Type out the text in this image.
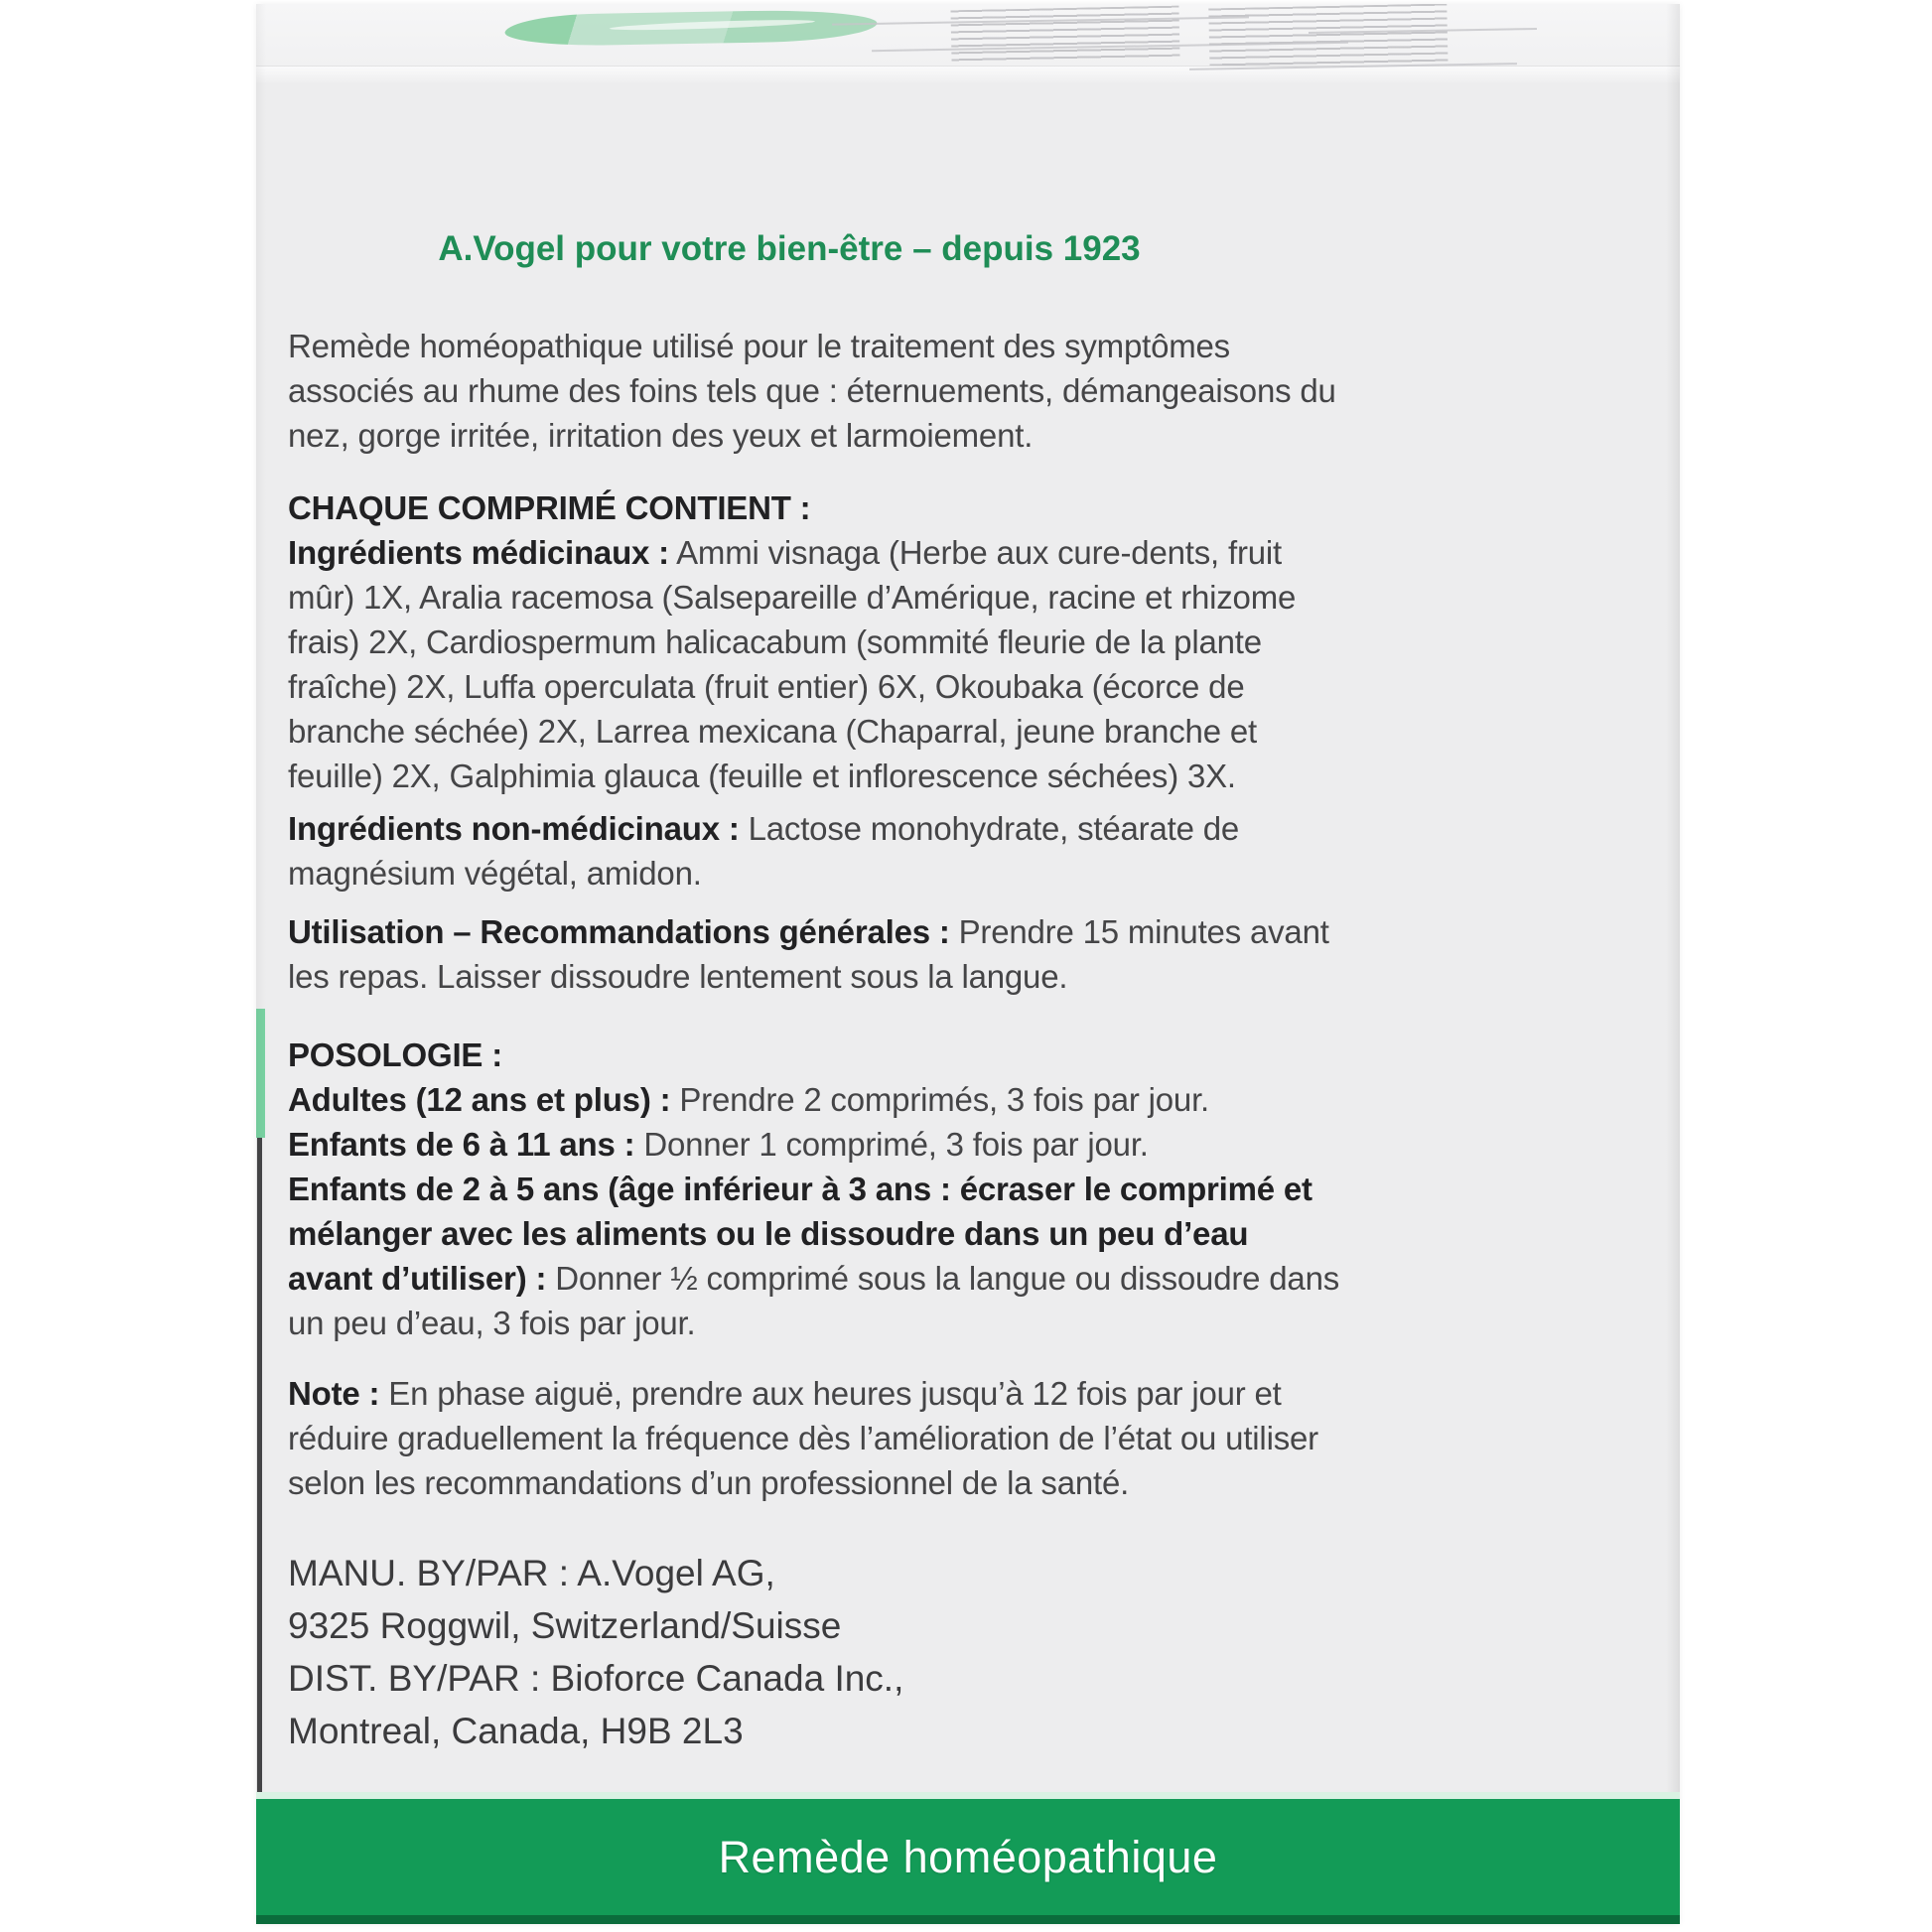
A.Vogel pour votre bien-être – depuis 1923

Remède homéopathique utilisé pour le traitement des symptômes associés au rhume des foins tels que : éternuements, démangeaisons du nez, gorge irritée, irritation des yeux et larmoiement.

CHAQUE COMPRIMÉ CONTIENT :

Ingrédients médicinaux : Ammi visnaga (Herbe aux cure-dents, fruit mûr) 1X, Aralia racemosa (Salsepareille d’Amérique, racine et rhizome frais) 2X, Cardiospermum halicacabum (sommité fleurie de la plante fraîche) 2X, Luffa operculata (fruit entier) 6X, Okoubaka (écorce de branche séchée) 2X, Larrea mexicana (Chaparral, jeune branche et feuille) 2X, Galphimia glauca (feuille et inflorescence séchées) 3X.

Ingrédients non-médicinaux : Lactose monohydrate, stéarate de magnésium végétal, amidon.

Utilisation – Recommandations générales : Prendre 15 minutes avant les repas. Laisser dissoudre lentement sous la langue.

POSOLOGIE :

Adultes (12 ans et plus) : Prendre 2 comprimés, 3 fois par jour.

Enfants de 6 à 11 ans : Donner 1 comprimé, 3 fois par jour.

Enfants de 2 à 5 ans (âge inférieur à 3 ans : écraser le comprimé et mélanger avec les aliments ou le dissoudre dans un peu d’eau avant d’utiliser) : Donner ½ comprimé sous la langue ou dissoudre dans un peu d’eau, 3 fois par jour.

Note : En phase aiguë, prendre aux heures jusqu’à 12 fois par jour et réduire graduellement la fréquence dès l’amélioration de l’état ou utiliser selon les recommandations d’un professionnel de la santé.

MANU. BY/PAR : A.Vogel AG,
9325 Roggwil, Switzerland/Suisse
DIST. BY/PAR : Bioforce Canada Inc.,
Montreal, Canada, H9B 2L3
Remède homéopathique
